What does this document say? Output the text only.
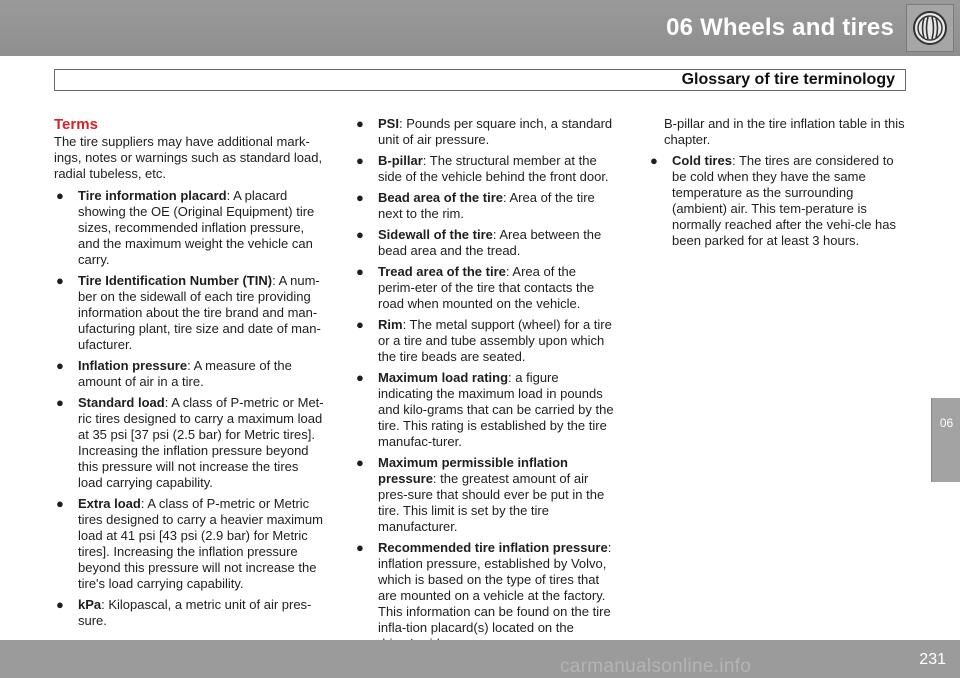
06 Wheels and tires
Glossary of tire terminology

Terms

The tire suppliers may have additional mark-ings, notes or warnings such as standard load, radial tubeless, etc.

● Tire information placard: A placard showing the OE (Original Equipment) tire sizes, recommended inflation pressure, and the maximum weight the vehicle can carry.
● Tire Identification Number (TIN): A num-ber on the sidewall of each tire providing information about the tire brand and man-ufacturing plant, tire size and date of man-ufacturer.
● Inflation pressure: A measure of the amount of air in a tire.
● Standard load: A class of P-metric or Met-ric tires designed to carry a maximum load at 35 psi [37 psi (2.5 bar) for Metric tires]. Increasing the inflation pressure beyond this pressure will not increase the tires load carrying capability.
● Extra load: A class of P-metric or Metric tires designed to carry a heavier maximum load at 41 psi [43 psi (2.9 bar) for Metric tires]. Increasing the inflation pressure beyond this pressure will not increase the tire's load carrying capability.
● kPa: Kilopascal, a metric unit of air pres-sure.
● PSI: Pounds per square inch, a standard unit of air pressure.
● B-pillar: The structural member at the side of the vehicle behind the front door.
● Bead area of the tire: Area of the tire next to the rim.
● Sidewall of the tire: Area between the bead area and the tread.
● Tread area of the tire: Area of the perim-eter of the tire that contacts the road when mounted on the vehicle.
● Rim: The metal support (wheel) for a tire or a tire and tube assembly upon which the tire beads are seated.
● Maximum load rating: a figure indicating the maximum load in pounds and kilo-grams that can be carried by the tire. This rating is established by the tire manufac-turer.
● Maximum permissible inflation pressure: the greatest amount of air pres-sure that should ever be put in the tire. This limit is set by the tire manufacturer.
● Recommended tire inflation pressure: inflation pressure, established by Volvo, which is based on the type of tires that are mounted on a vehicle at the factory. This information can be found on the tire infla-tion placard(s) located on the

B-pillar and in the tire inflation table in this chapter.

● Cold tires: The tires are considered to be cold when they have the same temperature as the surrounding (ambient) air. This tem-perature is normally reached after the vehi-cle has been parked for at least 3 hours.
06
carmanualsonline.info	231
